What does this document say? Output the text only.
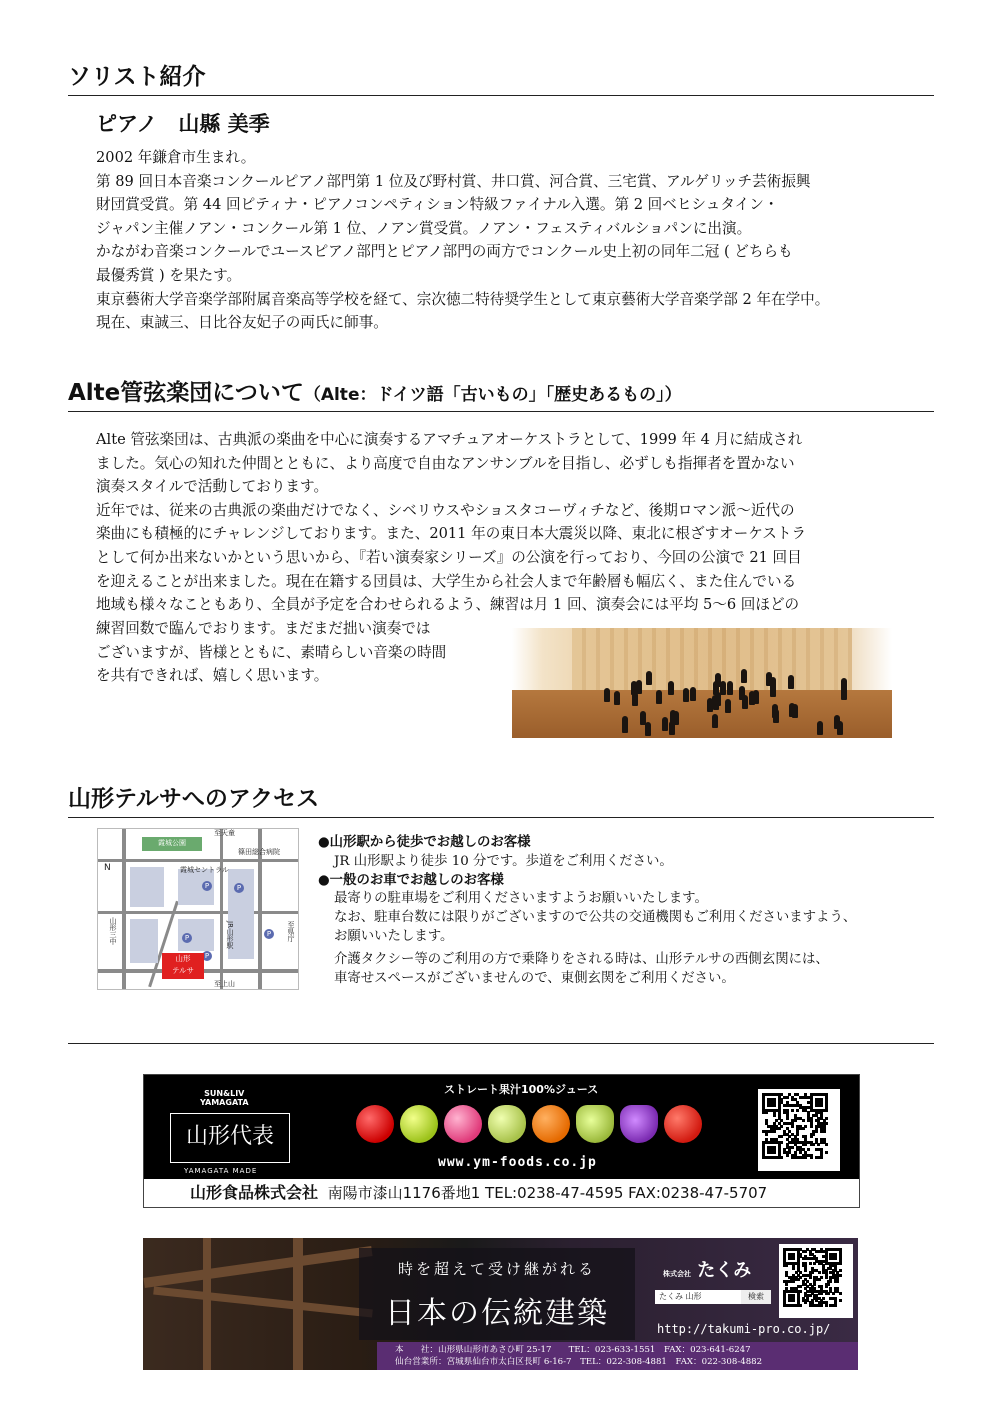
ソリスト紹介
ピアノ　山縣 美季

2002 年鎌倉市生まれ。

第 89 回日本音楽コンクールピアノ部門第 1 位及び野村賞、井口賞、河合賞、三宅賞、アルゲリッチ芸術振興

財団賞受賞。第 44 回ピティナ・ピアノコンペティション特級ファイナル入選。第 2 回ベヒシュタイン・

ジャパン主催ノアン・コンクール第 1 位、ノアン賞受賞。ノアン・フェスティバルショパンに出演。

かながわ音楽コンクールでユースピアノ部門とピアノ部門の両方でコンクール史上初の同年二冠 ( どちらも

最優秀賞 ) を果たす。

東京藝術大学音楽学部附属音楽高等学校を経て、宗次徳二特待奨学生として東京藝術大学音楽学部 2 年在学中。

現在、東誠三、日比谷友妃子の両氏に師事。

Alte管弦楽団について（Alte：ドイツ語「古いもの」「歴史あるもの」）

Alte 管弦楽団は、古典派の楽曲を中心に演奏するアマチュアオーケストラとして、1999 年 4 月に結成され

ました。気心の知れた仲間とともに、より高度で自由なアンサンブルを目指し、必ずしも指揮者を置かない

演奏スタイルで活動しております。

近年では、従来の古典派の楽曲だけでなく、シベリウスやショスタコーヴィチなど、後期ロマン派～近代の

楽曲にも積極的にチャレンジしております。また、2011 年の東日本大震災以降、東北に根ざすオーケストラ

として何か出来ないかという思いから、『若い演奏家シリーズ』の公演を行っており、今回の公演で 21 回目

を迎えることが出来ました。現在在籍する団員は、大学生から社会人まで年齢層も幅広く、また住んでいる

地域も様々なこともあり、全員が予定を合わせられるよう、練習は月 1 回、演奏会には平均 5～6 回ほどの

練習回数で臨んでおります。まだまだ拙い演奏では

ございますが、皆様とともに、素晴らしい音楽の時間

を共有できれば、嬉しく思います。

山形テルサへのアクセス
霞城公園
至天童
至上山
霞城セントラル
篠田総合病院
JR山形駅	至県庁
山形三中
N
P	P
P
P
P
山形
テルサ
●山形駅から徒歩でお越しのお客様
JR 山形駅より徒歩 10 分です。歩道をご利用ください。
●一般のお車でお越しのお客様
最寄りの駐車場をご利用くださいますようお願いいたします。
なお、駐車台数には限りがございますので公共の交通機関もご利用くださいますよう、
お願いいたします。
介護タクシー等のご利用の方で乗降りをされる時は、山形テルサの西側玄関には、
車寄せスペースがございませんので、東側玄関をご利用ください。
SUN&LIV
YAMAGATA
山形代表
YAMAGATA MADE
ストレート果汁100%ジュース
www.ym-foods.co.jp
山形食品株式会社 南陽市漆山1176番地1 TEL:0238-47-4595 FAX:0238-47-5707
時を超えて受け継がれる
日本の伝統建築
株式会社 たくみ
たくみ 山形	検索
http://takumi-pro.co.jp/
本　　社：山形県山形市あさひ町 25-17　　TEL：023-633-1551　FAX：023-641-6247
仙台営業所：宮城県仙台市太白区長町 6-16-7　TEL：022-308-4881　FAX：022-308-4882
